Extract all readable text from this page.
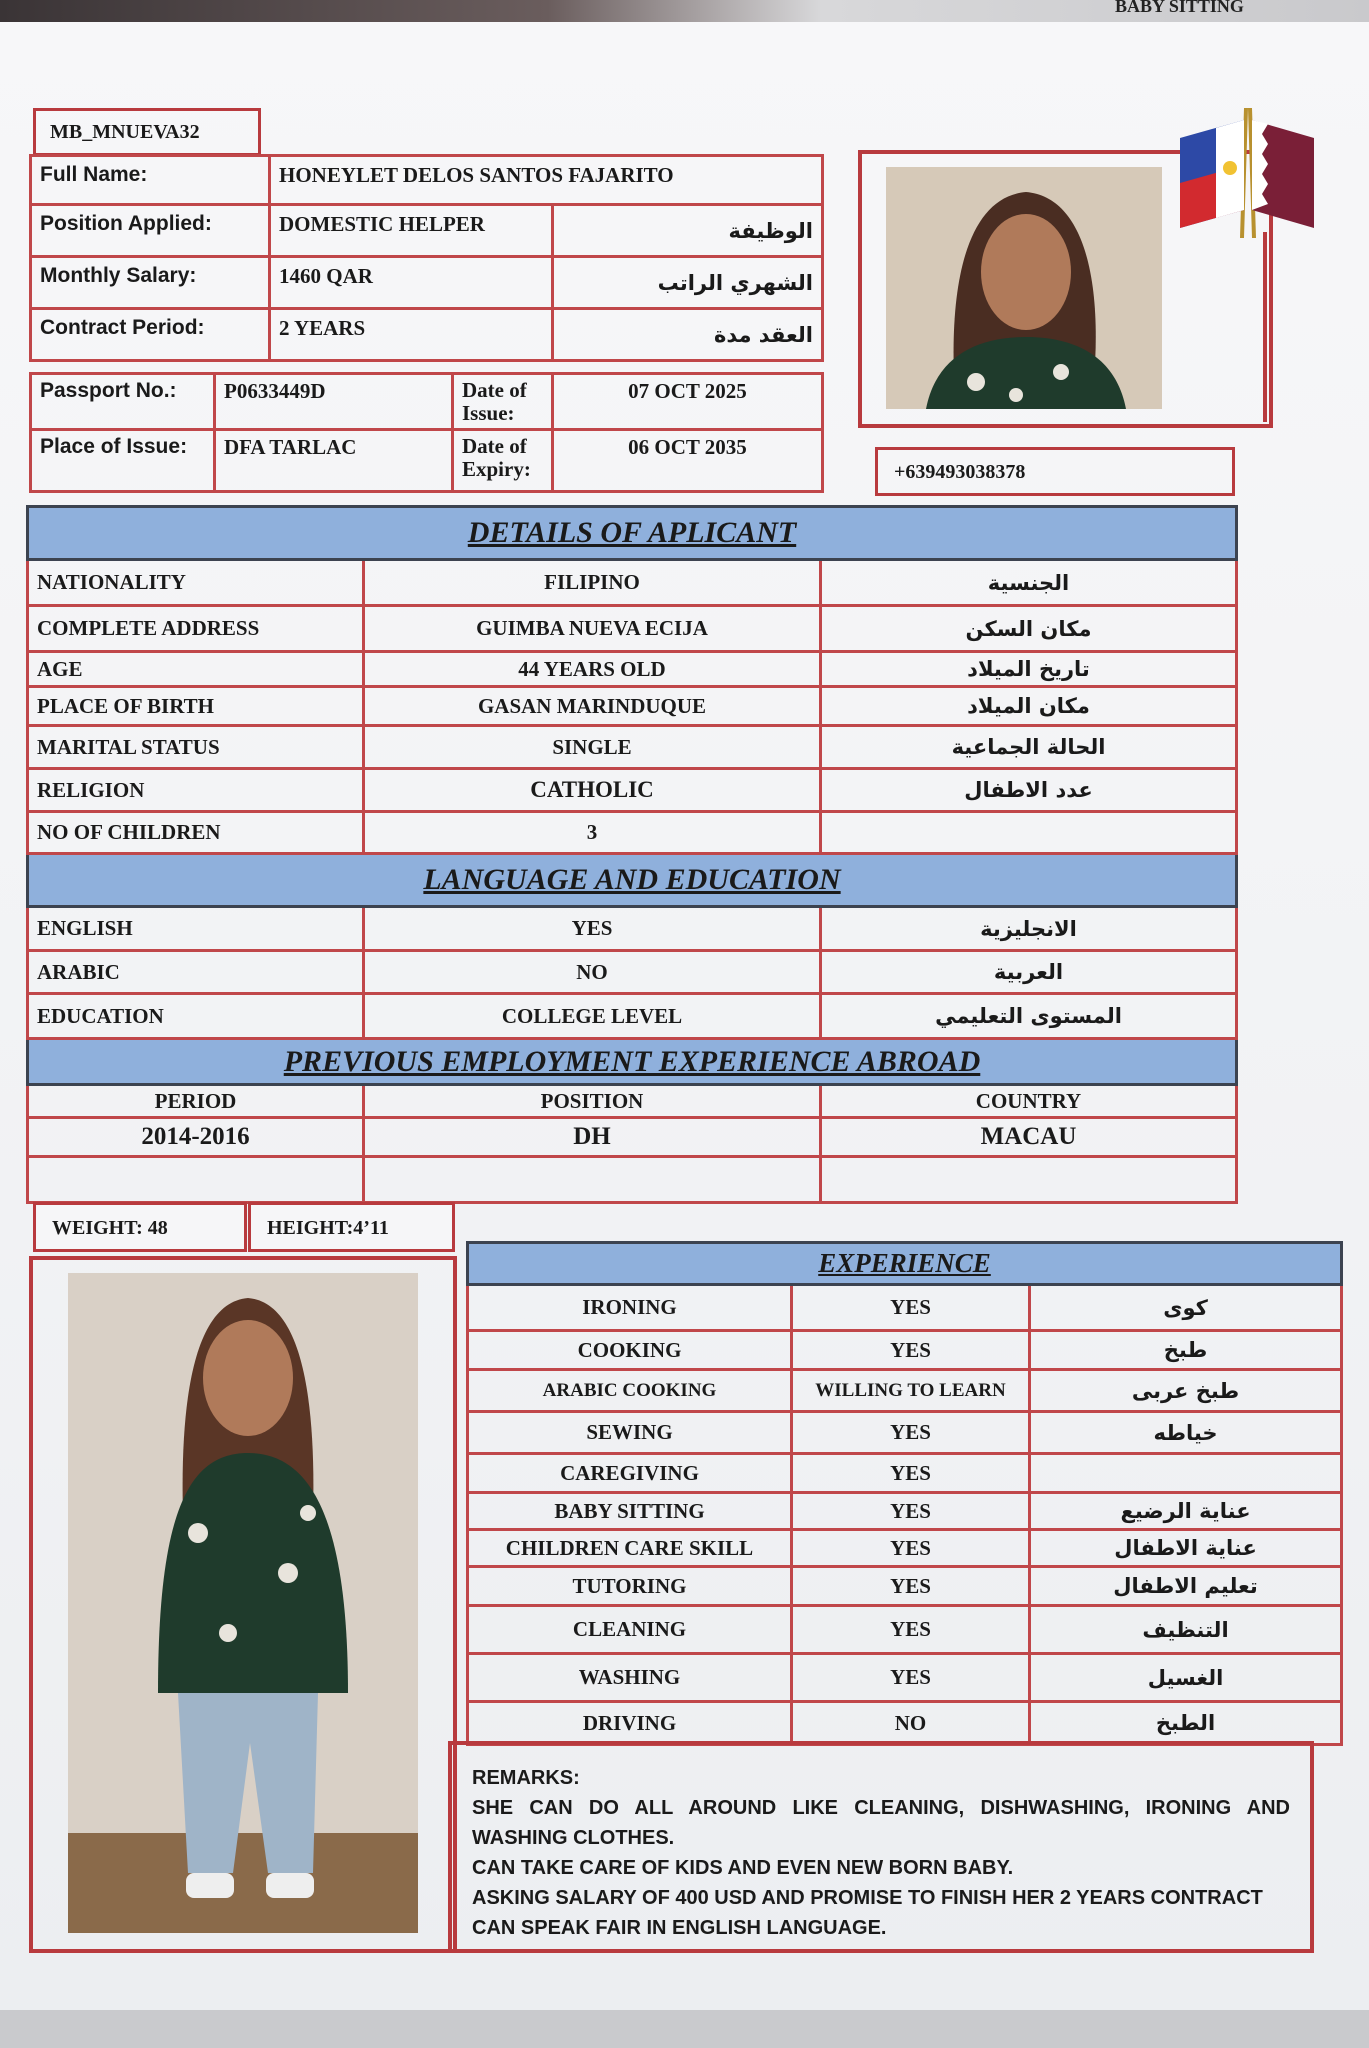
BABY SITTING
MB_MNUEVA32
Full Name:	HONEYLET DELOS SANTOS FAJARITO	
Position Applied:	DOMESTIC HELPER	الوظيفة
Monthly Salary:	1460 QAR	الشهري الراتب
Contract Period:	2 YEARS	العقد مدة
Passport No.:	P0633449D	Date of Issue:	07 OCT 2025
Place of Issue:	DFA TARLAC	Date of Expiry:	06 OCT 2035
+639493038378
DETAILS OF APLICANT		
NATIONALITY	FILIPINO	الجنسية
COMPLETE ADDRESS	GUIMBA NUEVA ECIJA	مكان السكن
AGE	44 YEARS OLD	تاريخ الميلاد
PLACE OF BIRTH	GASAN MARINDUQUE	مكان الميلاد
MARITAL STATUS	SINGLE	الحالة الجماعية
RELIGION	CATHOLIC	عدد الاطفال
NO OF CHILDREN	3	
LANGUAGE AND EDUCATION		
ENGLISH	YES	الانجليزية
ARABIC	NO	العربية
EDUCATION	COLLEGE LEVEL	المستوى التعليمي
PREVIOUS EMPLOYMENT EXPERIENCE ABROAD		
PERIOD	POSITION	COUNTRY
2014-2016	DH	MACAU

WEIGHT: 48	HEIGHT:4’11
EXPERIENCE		
IRONING	YES	كوى
COOKING	YES	طبخ
ARABIC COOKING	WILLING TO LEARN	طبخ عربى
SEWING	YES	خياطه
CAREGIVING	YES	
BABY SITTING	YES	عناية الرضيع
CHILDREN CARE SKILL	YES	عناية الاطفال
TUTORING	YES	تعليم الاطفال
CLEANING	YES	التنظيف
WASHING	YES	الغسيل
DRIVING	NO	الطبخ
REMARKS:
SHE CAN DO ALL AROUND LIKE CLEANING, DISHWASHING, IRONING AND WASHING CLOTHES.
CAN TAKE CARE OF KIDS AND EVEN NEW BORN BABY.
ASKING SALARY OF 400 USD AND PROMISE TO FINISH HER 2 YEARS CONTRACT
CAN SPEAK FAIR IN ENGLISH LANGUAGE.
